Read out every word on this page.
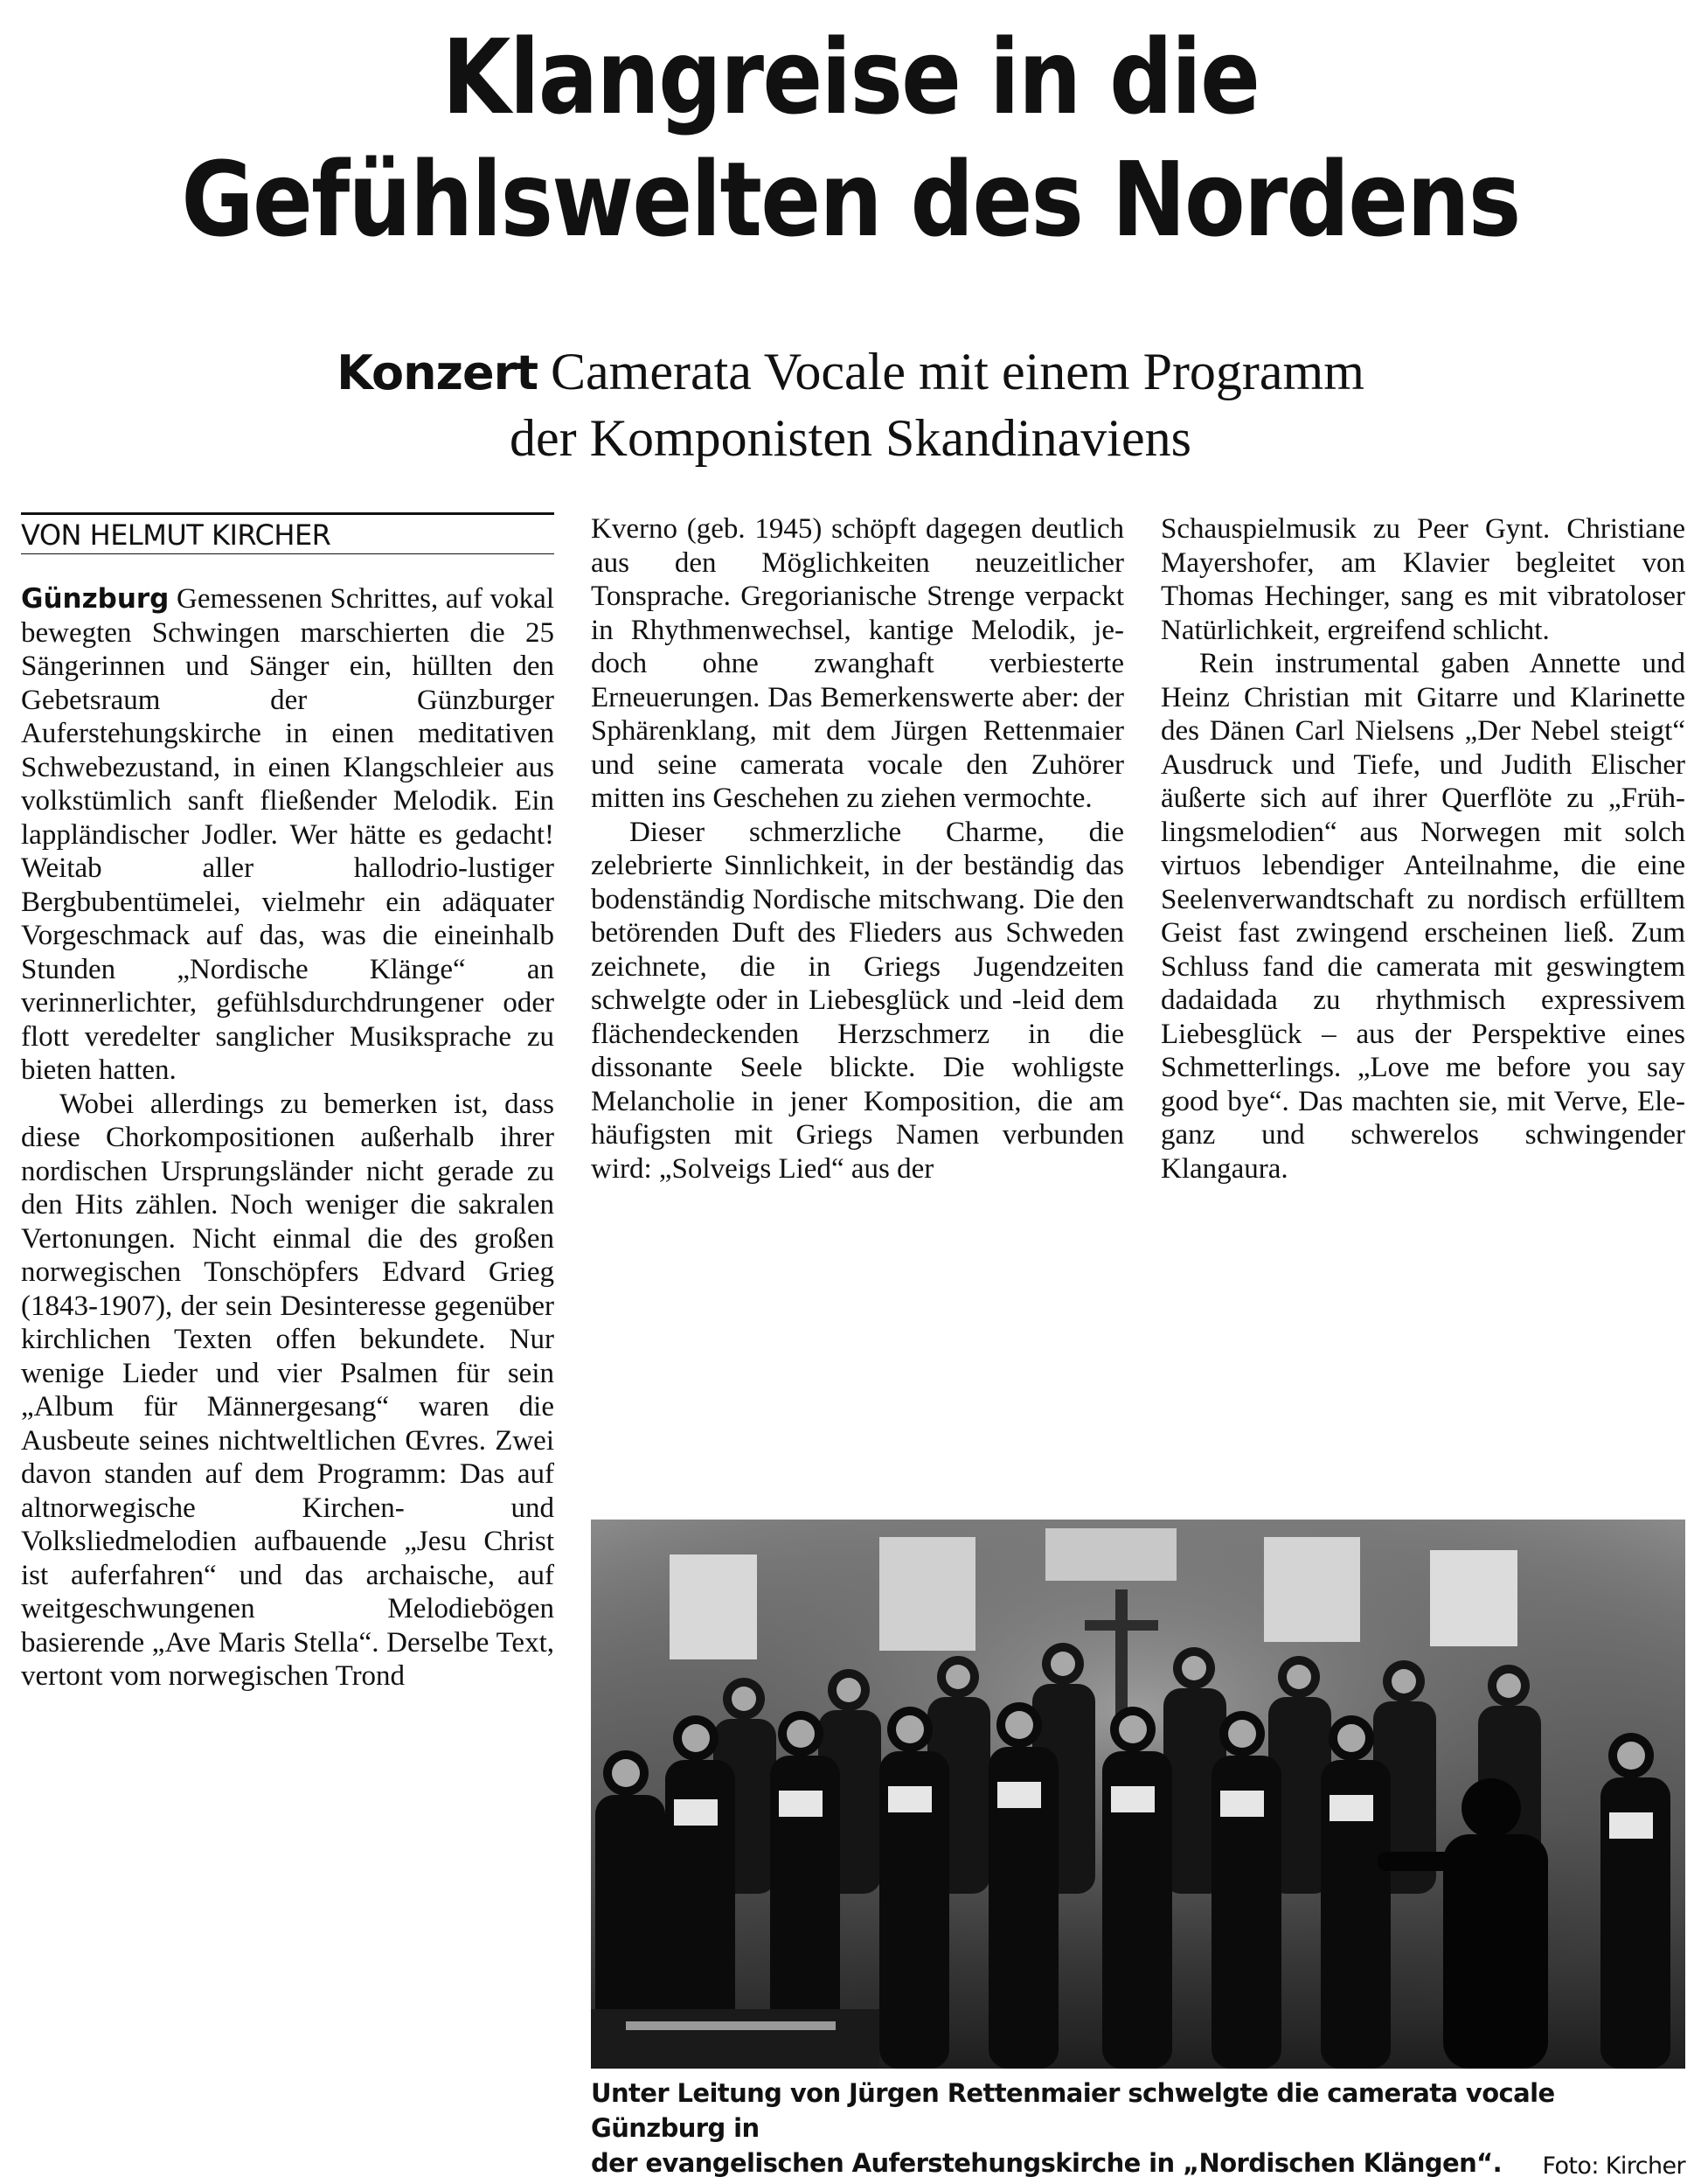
Klangreise in die
Gefühlswelten des Nordens
Konzert Camerata Vocale mit einem Programm
der Komponisten Skandinaviens
VON HELMUT KIRCHER

Günzburg Gemessenen Schrittes, auf vokal bewegten Schwingen marschierten die 25 Sängerinnen und Sänger ein, hüllten den Gebetsraum der Günzburger Auferstehungskirche in einen meditativen Schwebezustand, in einen Klangschleier aus volkstümlich sanft fließender Melodik. Ein lappländischer Jodler. Wer hätte es gedacht! Weitab aller hallodrio-lustiger Bergbubentümelei, vielmehr ein adäquater Vorgeschmack auf das, was die eineinhalb Stunden „Nordische Klänge“ an verinnerlichter, gefühlsdurchdrungener oder flott veredelter sanglicher Musiksprache zu bieten hatten.

Wobei allerdings zu bemerken ist, dass diese Chorkompositionen außerhalb ihrer nordischen Ursprungsländer nicht gerade zu den Hits zählen. Noch weniger die sakralen Vertonungen. Nicht einmal die des großen norwegischen Tonschöpfers Edvard Grieg (1843-1907), der sein Desinteresse gegenüber kirchlichen Texten offen bekundete. Nur wenige Lieder und vier Psalmen für sein „Album für Männergesang“ waren die Ausbeute seines nichtweltlichen Œvres. Zwei davon standen auf dem Programm: Das auf altnorwegische Kirchen- und Volksliedmelodien aufbauende „Jesu Christ ist auferfahren“ und das archaische, auf weitgeschwungenen Melodiebögen basierende „Ave Maris Stella“. Derselbe Text, vertont vom norwegischen Trond

Kverno (geb. 1945) schöpft dagegen deutlich aus den Möglichkeiten neuzeitlicher Tonsprache. Gregorianische Strenge verpackt in Rhythmenwechsel, kantige Melodik, jedoch ohne zwanghaft verbiesterte Erneuerungen. Das Bemerkenswerte aber: der Sphärenklang, mit dem Jürgen Rettenmaier und seine camerata vocale den Zuhörer mitten ins Geschehen zu ziehen vermochte.

Dieser schmerzliche Charme, die zelebrierte Sinnlichkeit, in der beständig das bodenständig Nordische mitschwang. Die den betörenden Duft des Flieders aus Schweden zeichnete, die in Griegs Jugendzeiten schwelgte oder in Liebesglück und -leid dem flächendeckenden Herzschmerz in die dissonante Seele blickte. Die wohligste Melancholie in jener Komposition, die am häufigsten mit Griegs Namen verbunden wird: „Solveigs Lied“ aus der

Schauspielmusik zu Peer Gynt. Christiane Mayershofer, am Klavier begleitet von Thomas Hechinger, sang es mit vibratoloser Natürlichkeit, ergreifend schlicht.

Rein instrumental gaben Annette und Heinz Christian mit Gitarre und Klarinette des Dänen Carl Nielsens „Der Nebel steigt“ Ausdruck und Tiefe, und Judith Elischer äußerte sich auf ihrer Querflöte zu „Frühlingsmelodien“ aus Norwegen mit solch virtuos lebendiger Anteilnahme, die eine Seelenverwandtschaft zu nordisch erfülltem Geist fast zwingend erscheinen ließ. Zum Schluss fand die camerata mit geswingtem dadaidada zu rhythmisch expressivem Liebesglück – aus der Perspektive eines Schmetterlings. „Love me before you say good bye“. Das machten sie, mit Verve, Eleganz und schwerelos schwingender Klangaura.

Unter Leitung von Jürgen Rettenmaier schwelgte die camerata vocale Günzburg in
der evangelischen Auferstehungskirche in „Nordischen Klängen“. Foto: Kircher
